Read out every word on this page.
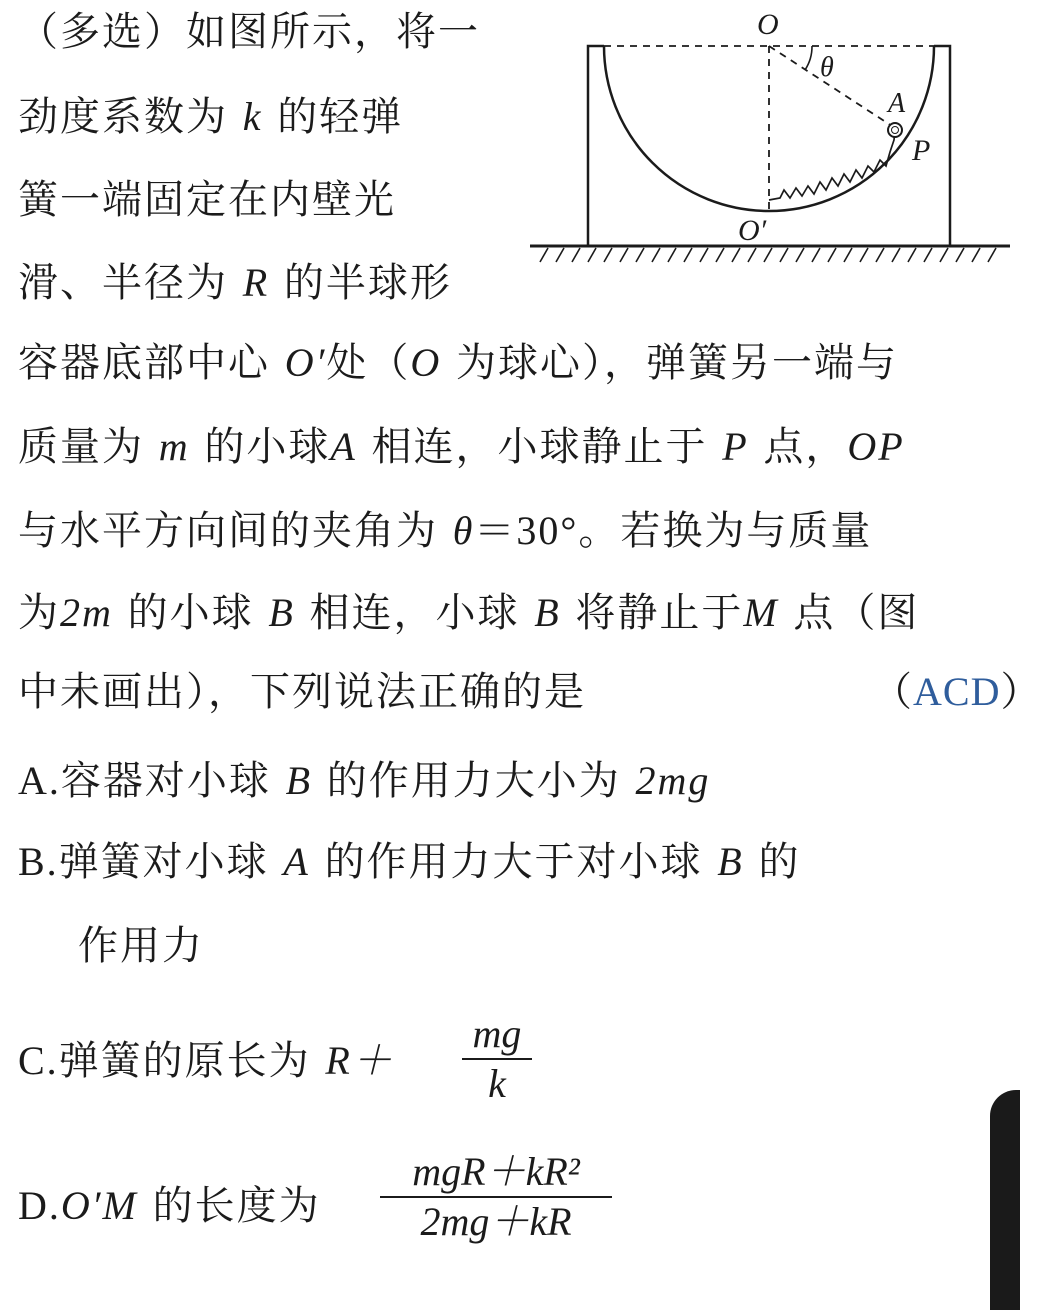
（多选）如图所示，将一
劲度系数为 k 的轻弹
簧一端固定在内壁光
滑、半径为 R 的半球形
容器底部中心 O′处（O 为球心），弹簧另一端与
质量为 m 的小球A 相连，小球静止于 P 点，OP
与水平方向间的夹角为 θ＝30°。若换为与质量
为2m 的小球 B 相连，小球 B 将静止于M 点（图
中未画出），下列说法正确的是	（ACD）
A.容器对小球 B 的作用力大小为 2mg
B.弹簧对小球 A 的作用力大于对小球 B 的
作用力
C.弹簧的原长为 R＋
mg
k
D.O′M 的长度为
mgR＋kR²
2mg＋kR
O
θ
A
P
O′
